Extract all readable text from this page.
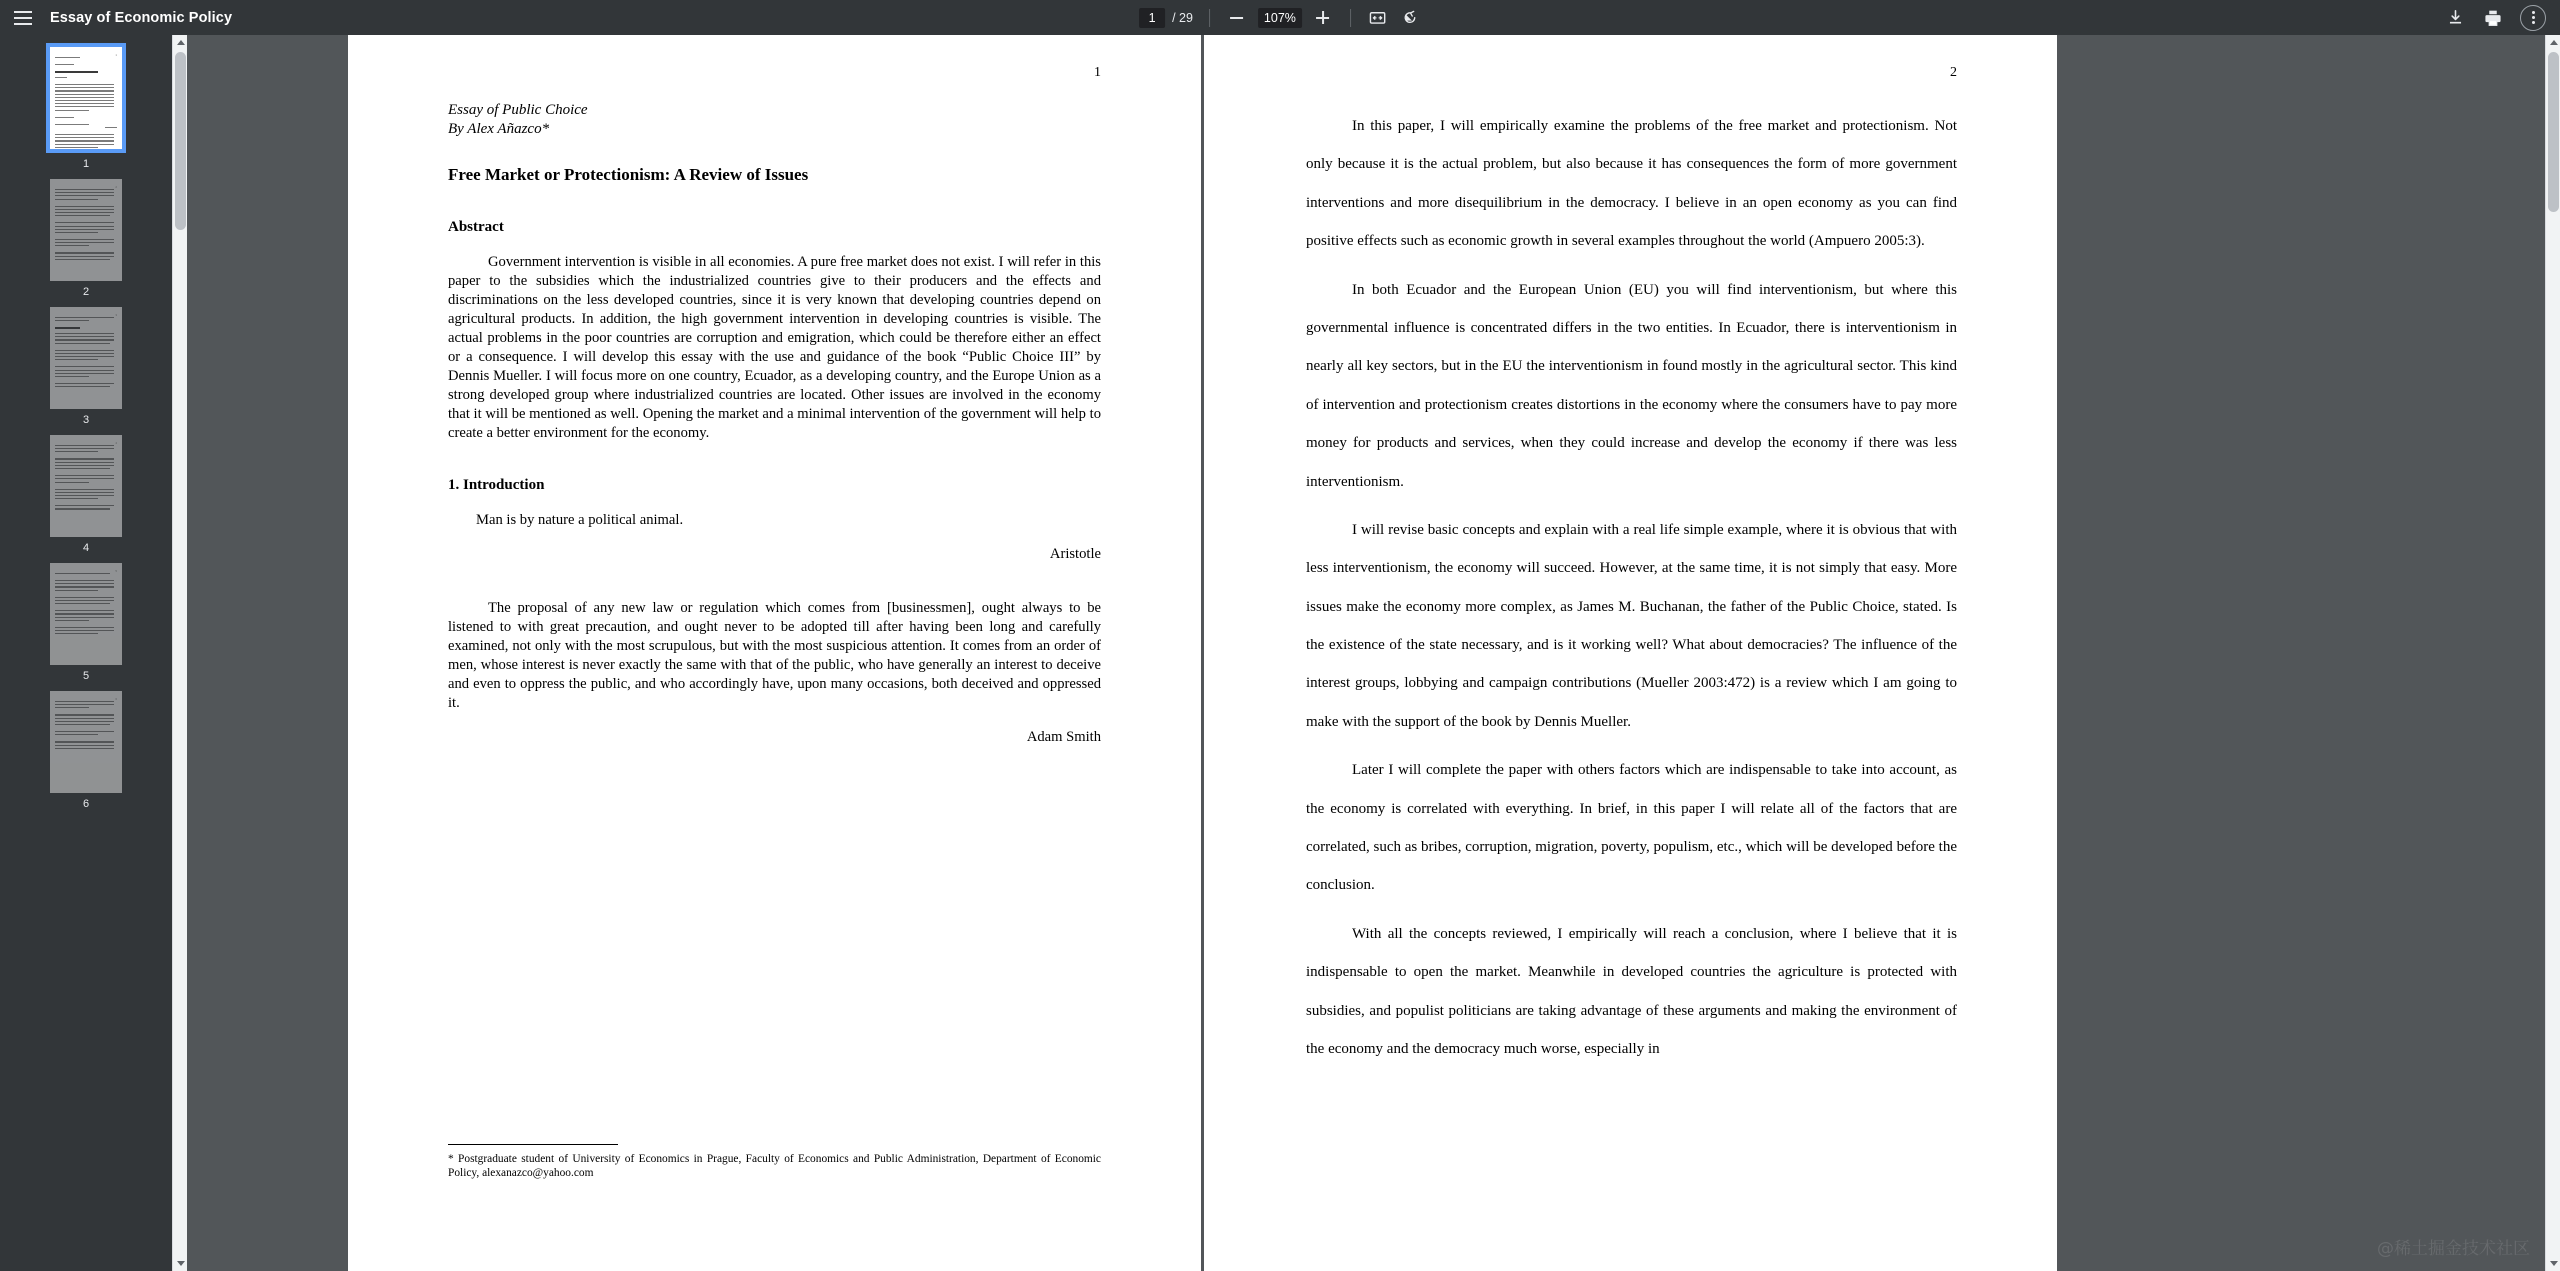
Essay of Economic Policy
1	/ 29	107%
1
1
2
2
3
3
4
4
5
5
6
6
1
Essay of Public Choice
By Alex Añazco*
Free Market or Protectionism: A Review of Issues
Abstract

Government intervention is visible in all economies. A pure free market does not exist. I will refer in this paper to the subsidies which the industrialized countries give to their producers and the effects and discriminations on the less developed countries, since it is very known that developing countries depend on agricultural products. In addition, the high government intervention in developing countries is visible. The actual problems in the poor countries are corruption and emigration, which could be therefore either an effect or a consequence. I will develop this essay with the use and guidance of the book “Public Choice III” by Dennis Mueller. I will focus more on one country, Ecuador, as a developing country, and the Europe Union as a strong developed group where industrialized countries are located. Other issues are involved in the economy that it will be mentioned as well. Opening the market and a minimal intervention of the government will help to create a better environment for the economy.

1. Introduction

Man is by nature a political animal.

Aristotle

The proposal of any new law or regulation which comes from [businessmen], ought always to be listened to with great precaution, and ought never to be adopted till after having been long and carefully examined, not only with the most scrupulous, but with the most suspicious attention. It comes from an order of men, whose interest is never exactly the same with that of the public, who have generally an interest to deceive and even to oppress the public, and who accordingly have, upon many occasions, both deceived and oppressed it.

Adam Smith

* Postgraduate student of University of Economics in Prague, Faculty of Economics and Public Administration, Department of Economic Policy, alexanazco@yahoo.com
2

In this paper, I will empirically examine the problems of the free market and protectionism. Not only because it is the actual problem, but also because it has consequences the form of more government interventions and more disequilibrium in the democracy. I believe in an open economy as you can find positive effects such as economic growth in several examples throughout the world (Ampuero 2005:3).

In both Ecuador and the European Union (EU) you will find interventionism, but where this governmental influence is concentrated differs in the two entities. In Ecuador, there is interventionism in nearly all key sectors, but in the EU the interventionism in found mostly in the agricultural sector. This kind of intervention and protectionism creates distortions in the economy where the consumers have to pay more money for products and services, when they could increase and develop the economy if there was less interventionism.

I will revise basic concepts and explain with a real life simple example, where it is obvious that with less interventionism, the economy will succeed. However, at the same time, it is not simply that easy. More issues make the economy more complex, as James M. Buchanan, the father of the Public Choice, stated. Is the existence of the state necessary, and is it working well? What about democracies? The influence of the interest groups, lobbying and campaign contributions (Mueller 2003:472) is a review which I am going to make with the support of the book by Dennis Mueller.

Later I will complete the paper with others factors which are indispensable to take into account, as the economy is correlated with everything. In brief, in this paper I will relate all of the factors that are correlated, such as bribes, corruption, migration, poverty, populism, etc., which will be developed before the conclusion.

With all the concepts reviewed, I empirically will reach a conclusion, where I believe that it is indispensable to open the market. Meanwhile in developed countries the agriculture is protected with subsidies, and populist politicians are taking advantage of these arguments and making the environment of the economy and the democracy much worse, especially in

@稀土掘金技术社区
